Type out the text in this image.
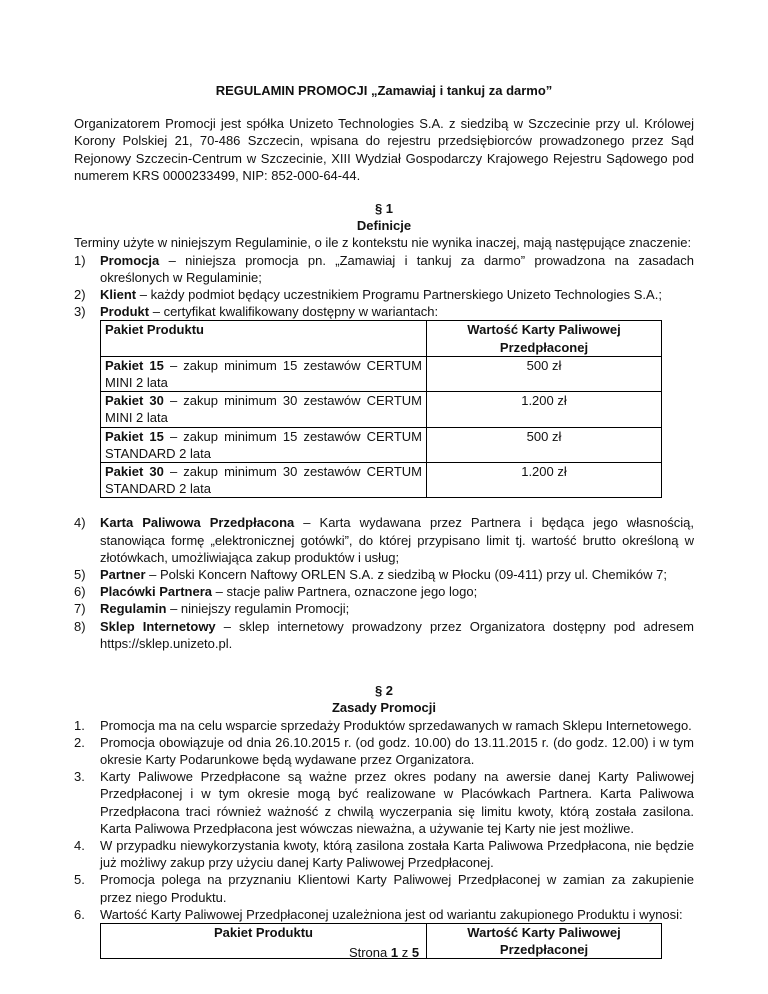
REGULAMIN PROMOCJI „Zamawiaj i tankuj za darmo”

Organizatorem Promocji jest spółka Unizeto Technologies S.A. z siedzibą w Szczecinie przy ul. Królowej Korony Polskiej 21, 70-486 Szczecin, wpisana do rejestru przedsiębiorców prowadzonego przez Sąd Rejonowy Szczecin-Centrum w Szczecinie, XIII Wydział Gospodarczy Krajowego Rejestru Sądowego pod numerem KRS 0000233499, NIP: 852-000-64-44.

§ 1

Definicje

Terminy użyte w niniejszym Regulaminie, o ile z kontekstu nie wynika inaczej, mają następujące znaczenie:

1) Promocja – niniejsza promocja pn. „Zamawiaj i tankuj za darmo” prowadzona na zasadach określonych w Regulaminie;
2) Klient – każdy podmiot będący uczestnikiem Programu Partnerskiego Unizeto Technologies S.A.;
3) Produkt – certyfikat kwalifikowany dostępny w wariantach:
Pakiet Produktu	Wartość Karty Paliwowej Przedpłaconej
Pakiet 15 – zakup minimum 15 zestawów CERTUM MINI 2 lata	500 zł
Pakiet 30 – zakup minimum 30 zestawów CERTUM MINI 2 lata	1.200 zł
Pakiet 15 – zakup minimum 15 zestawów CERTUM STANDARD 2 lata	500 zł
Pakiet 30 – zakup minimum 30 zestawów CERTUM STANDARD 2 lata	1.200 zł
4) Karta Paliwowa Przedpłacona – Karta wydawana przez Partnera i będąca jego własnością, stanowiąca formę „elektronicznej gotówki”, do której przypisano limit tj. wartość brutto określoną w złotówkach, umożliwiająca zakup produktów i usług;
5) Partner – Polski Koncern Naftowy ORLEN S.A. z siedzibą w Płocku (09-411) przy ul. Chemików 7;
6) Placówki Partnera – stacje paliw Partnera, oznaczone jego logo;
7) Regulamin – niniejszy regulamin Promocji;
8) Sklep Internetowy – sklep internetowy prowadzony przez Organizatora dostępny pod adresem https://sklep.unizeto.pl.

§ 2

Zasady Promocji

1. Promocja ma na celu wsparcie sprzedaży Produktów sprzedawanych w ramach Sklepu Internetowego.
2. Promocja obowiązuje od dnia 26.10.2015 r. (od godz. 10.00) do 13.11.2015 r. (do godz. 12.00) i w tym okresie Karty Podarunkowe będą wydawane przez Organizatora.
3. Karty Paliwowe Przedpłacone są ważne przez okres podany na awersie danej Karty Paliwowej Przedpłaconej i w tym okresie mogą być realizowane w Placówkach Partnera. Karta Paliwowa Przedpłacona traci również ważność z chwilą wyczerpania się limitu kwoty, którą została zasilona. Karta Paliwowa Przedpłacona jest wówczas nieważna, a używanie tej Karty nie jest możliwe.
4. W przypadku niewykorzystania kwoty, którą zasilona została Karta Paliwowa Przedpłacona, nie będzie już możliwy zakup przy użyciu danej Karty Paliwowej Przedpłaconej.
5. Promocja polega na przyznaniu Klientowi Karty Paliwowej Przedpłaconej w zamian za zakupienie przez niego Produktu.
6. Wartość Karty Paliwowej Przedpłaconej uzależniona jest od wariantu zakupionego Produktu i wynosi:
Pakiet Produktu	Wartość Karty Paliwowej Przedpłaconej
Strona 1 z 5
